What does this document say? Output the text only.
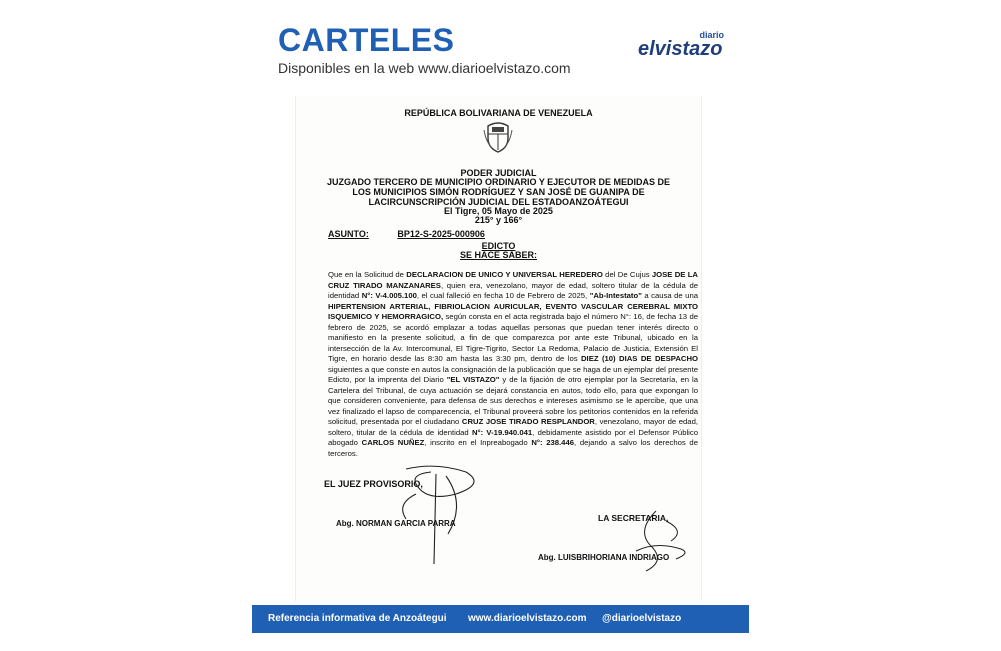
CARTELES
Disponibles en la web www.diarioelvistazo.com
diario
elvistazo
REPÚBLICA BOLIVARIANA DE VENEZUELA
PODER JUDICIAL
JUZGADO TERCERO DE MUNICIPIO ORDINARIO Y EJECUTOR DE MEDIDAS DE
LOS MUNICIPIOS SIMÓN RODRÍGUEZ Y SAN JOSÉ DE GUANIPA DE
LACIRCUNSCRIPCIÓN JUDICIAL DEL ESTADOANZOÁTEGUI
El Tigre, 05 Mayo de 2025
215° y 166°
ASUNTO:	BP12-S-2025-000906
EDICTO
SE HACE SABER:
Que en la Solicitud de DECLARACION DE UNICO Y UNIVERSAL HEREDERO del De Cujus JOSE DE LA CRUZ TIRADO MANZANARES, quien era, venezolano, mayor de edad, soltero titular de la cédula de identidad N°: V-4.005.100, el cual falleció en fecha 10 de Febrero de 2025, "Ab-Intestato" a causa de una HIPERTENSION ARTERIAL, FIBRIOLACION AURICULAR, EVENTO VASCULAR CEREBRAL MIXTO ISQUEMICO Y HEMORRAGICO, según consta en el acta registrada bajo el número N°: 16, de fecha 13 de febrero de 2025, se acordó emplazar a todas aquellas personas que puedan tener interés directo o manifiesto en la presente solicitud, a fin de que comparezca por ante este Tribunal, ubicado en la intersección de la Av. Intercomunal, El Tigre-Tigrito, Sector La Redoma, Palacio de Justicia, Extensión El Tigre, en horario desde las 8:30 am hasta las 3:30 pm, dentro de los DIEZ (10) DIAS DE DESPACHO siguientes a que conste en autos la consignación de la publicación que se haga de un ejemplar del presente Edicto, por la imprenta del Diario "EL VISTAZO" y de la fijación de otro ejemplar por la Secretaría, en la Cartelera del Tribunal, de cuya actuación se dejará constancia en autos, todo ello, para que expongan lo que consideren conveniente, para defensa de sus derechos e intereses asimismo se le apercibe, que una vez finalizado el lapso de comparecencia, el Tribunal proveerá sobre los petitorios contenidos en la referida solicitud, presentada por el ciudadano CRUZ JOSE TIRADO RESPLANDOR, venezolano, mayor de edad, soltero, titular de la cédula de identidad N°: V-19.940.041, debidamente asistido por el Defensor Público abogado CARLOS NUÑEZ, inscrito en el Inpreabogado N°: 238.446, dejando a salvo los derechos de terceros.
EL JUEZ PROVISORIO,
Abg. NORMAN GARCIA PARRA
LA SECRETARIA,
Abg. LUISBRIHORIANA INDRIAGO
Referencia informativa de Anzoátegui www.diarioelvistazo.com @diarioelvistazo
